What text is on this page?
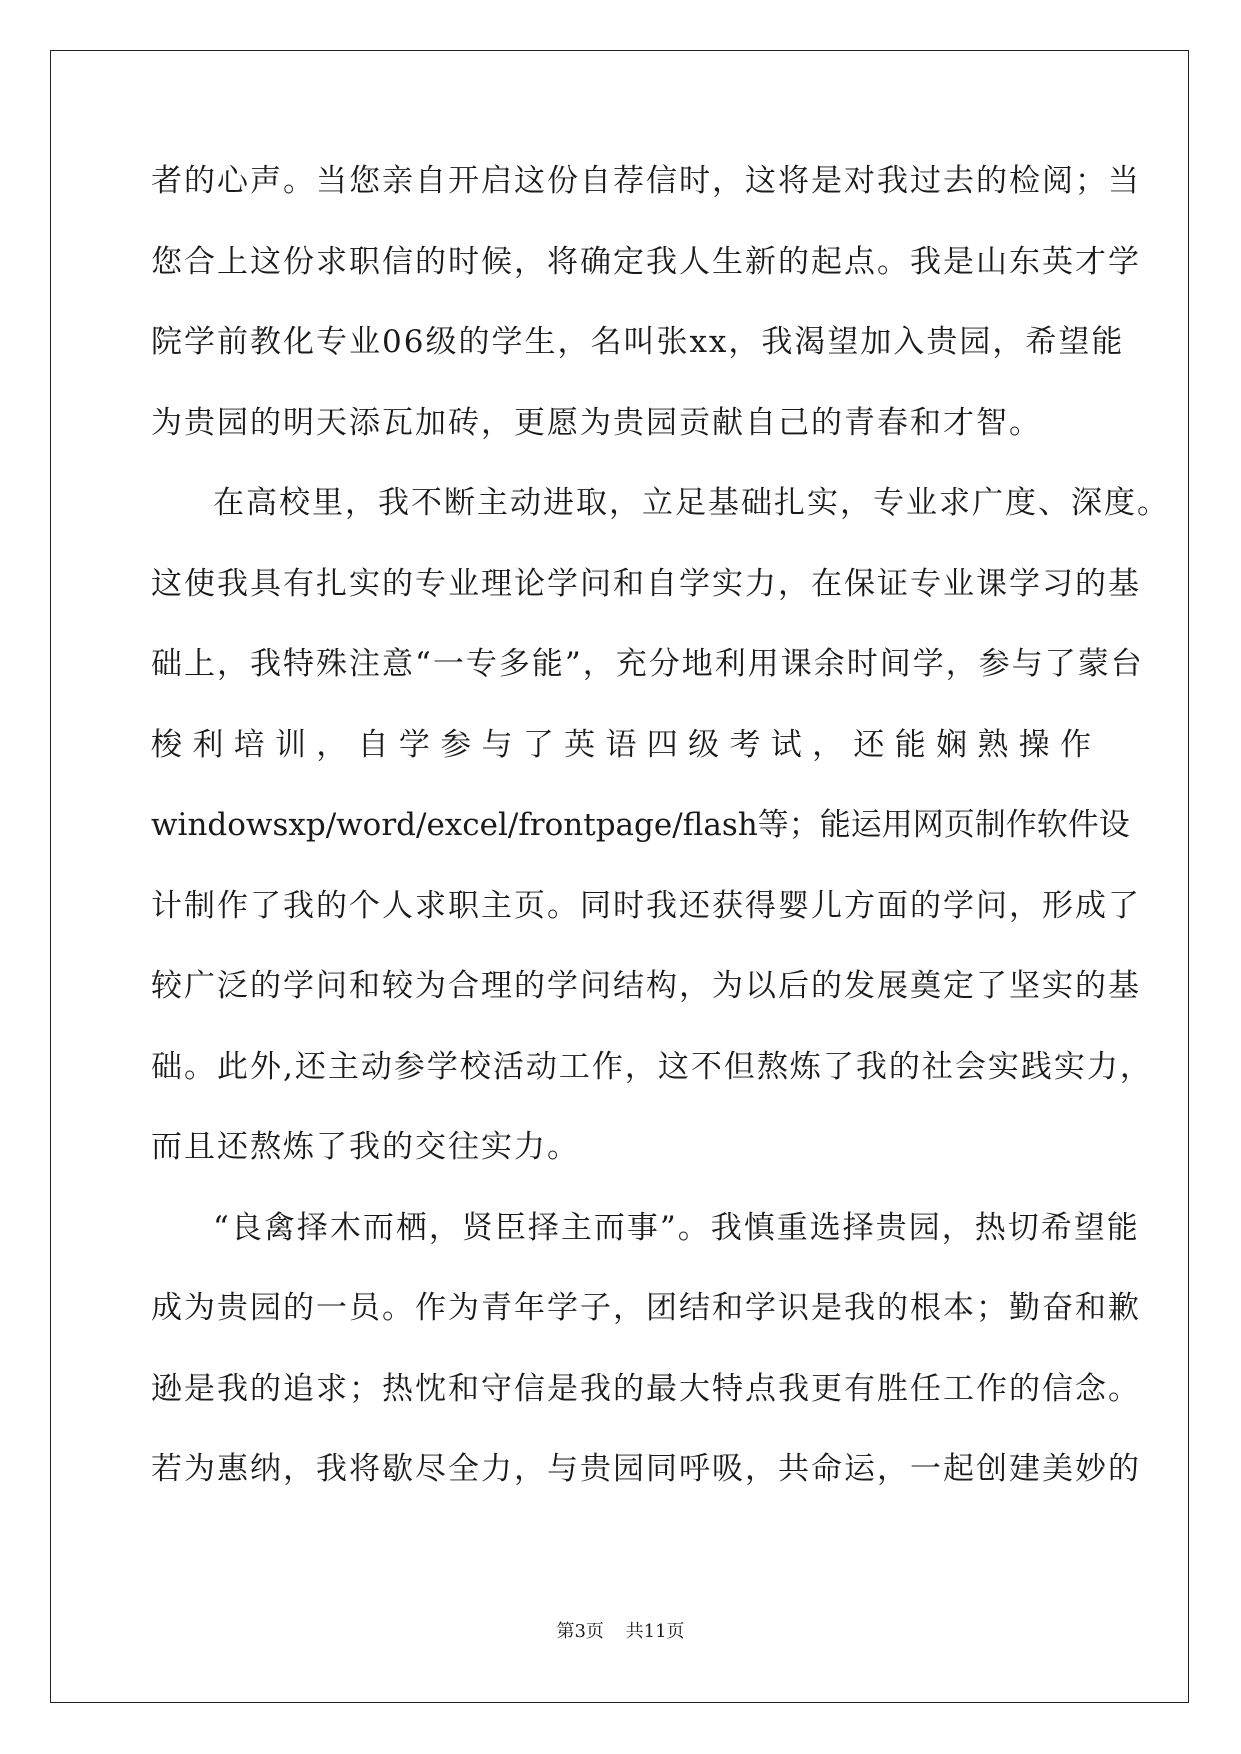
者的心声。当您亲自开启这份自荐信时，这将是对我过去的检阅；当
您合上这份求职信的时候，将确定我人生新的起点。我是山东英才学
院学前教化专业06级的学生，名叫张xx，我渴望加入贵园，希望能
为贵园的明天添瓦加砖，更愿为贵园贡献自己的青春和才智。
在高校里，我不断主动进取，立足基础扎实，专业求广度、深度。
这使我具有扎实的专业理论学问和自学实力，在保证专业课学习的基
础上，我特殊注意“一专多能”，充分地利用课余时间学，参与了蒙台
梭 利 培 训 ， 自 学 参 与 了 英 语 四 级 考 试 ， 还 能 娴 熟 操 作
windowsxp/word/excel/frontpage/flash等；能运用网页制作软件设
计制作了我的个人求职主页。同时我还获得婴儿方面的学问，形成了
较广泛的学问和较为合理的学问结构，为以后的发展奠定了坚实的基
础。此外,还主动参学校活动工作，这不但熬炼了我的社会实践实力，
而且还熬炼了我的交往实力。
“良禽择木而栖，贤臣择主而事”。我慎重选择贵园，热切希望能
成为贵园的一员。作为青年学子，团结和学识是我的根本；勤奋和歉
逊是我的追求；热忱和守信是我的最大特点我更有胜任工作的信念。
若为惠纳，我将歇尽全力，与贵园同呼吸，共命运，一起创建美妙的
第3页 共11页
